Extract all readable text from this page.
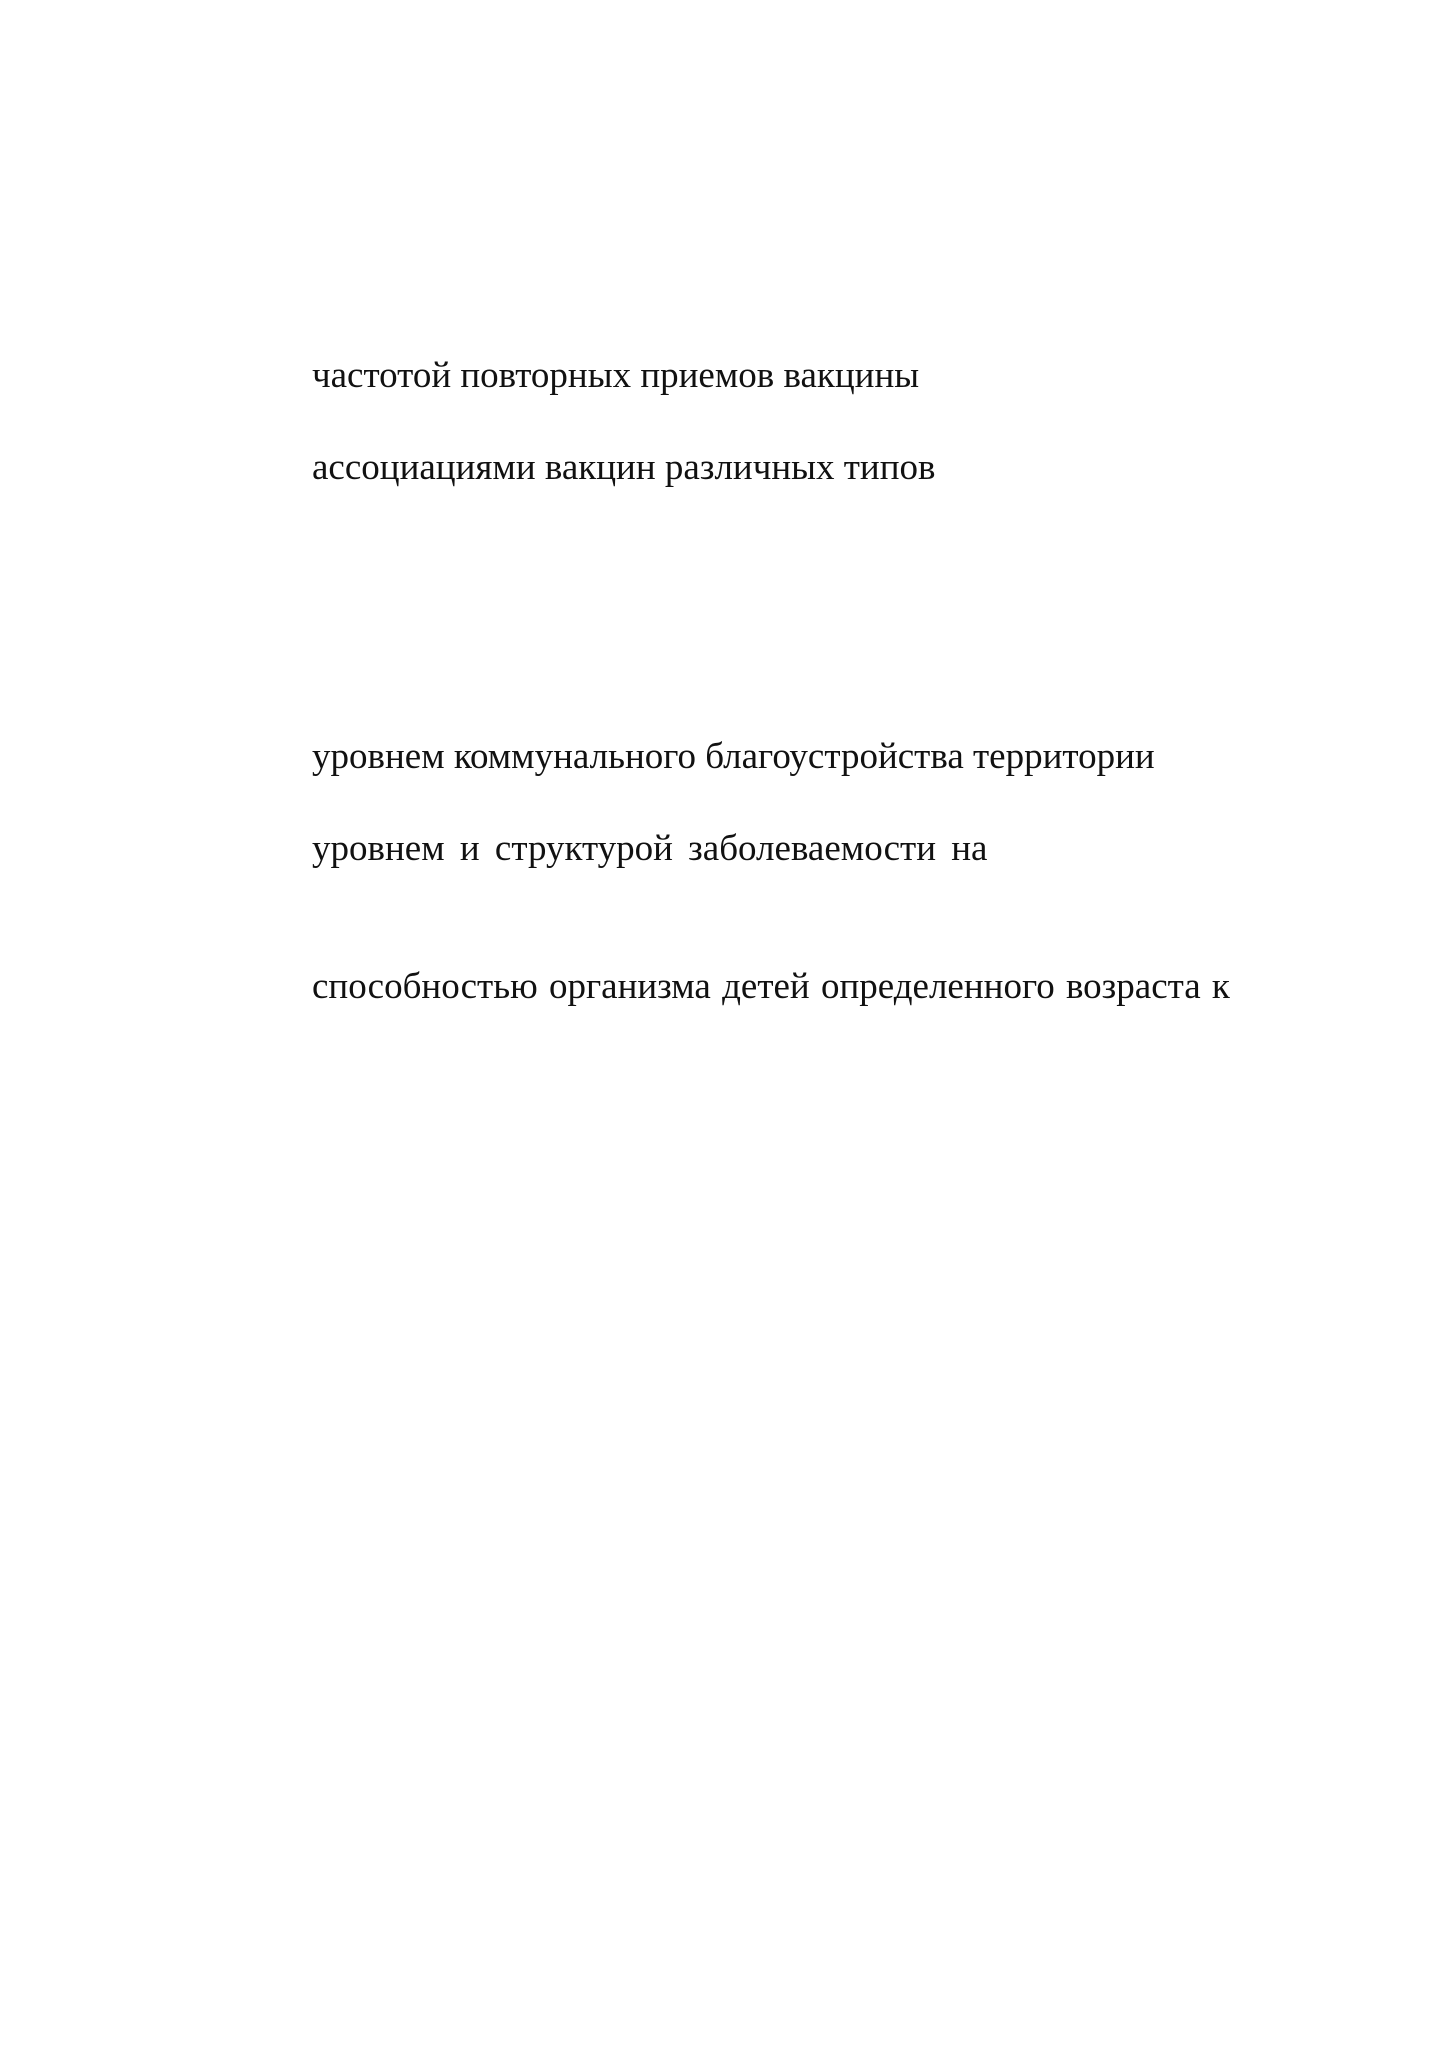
частотой повторных приемов вакцины

ассоциациями вакцин различных типов

уровнем коммунального благоустройства территории

уровнем и структурой заболеваемости на

способностью организма детей определенного возраста к
